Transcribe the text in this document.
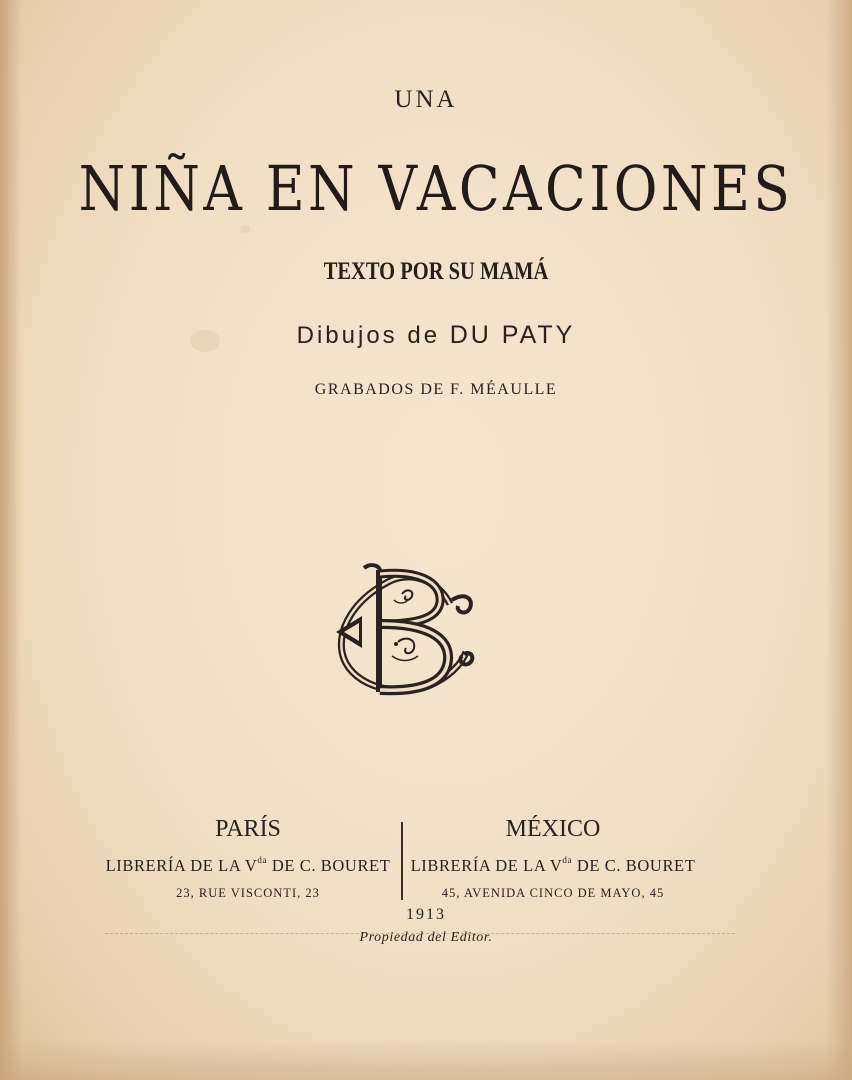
UNA
NIÑA EN VACACIONES
TEXTO POR SU MAMÁ
Dibujos de DU PATY
GRABADOS DE F. MÉAULLE
PARÍS
LIBRERÍA DE LA $V^{da}$ DE C. BOURET
23, RUE VISCONTI, 23
MÉXICO
LIBRERÍA DE LA $V^{da}$ DE C. BOURET
45, AVENIDA CINCO DE MAYO, 45
1913
Propiedad del Editor.
